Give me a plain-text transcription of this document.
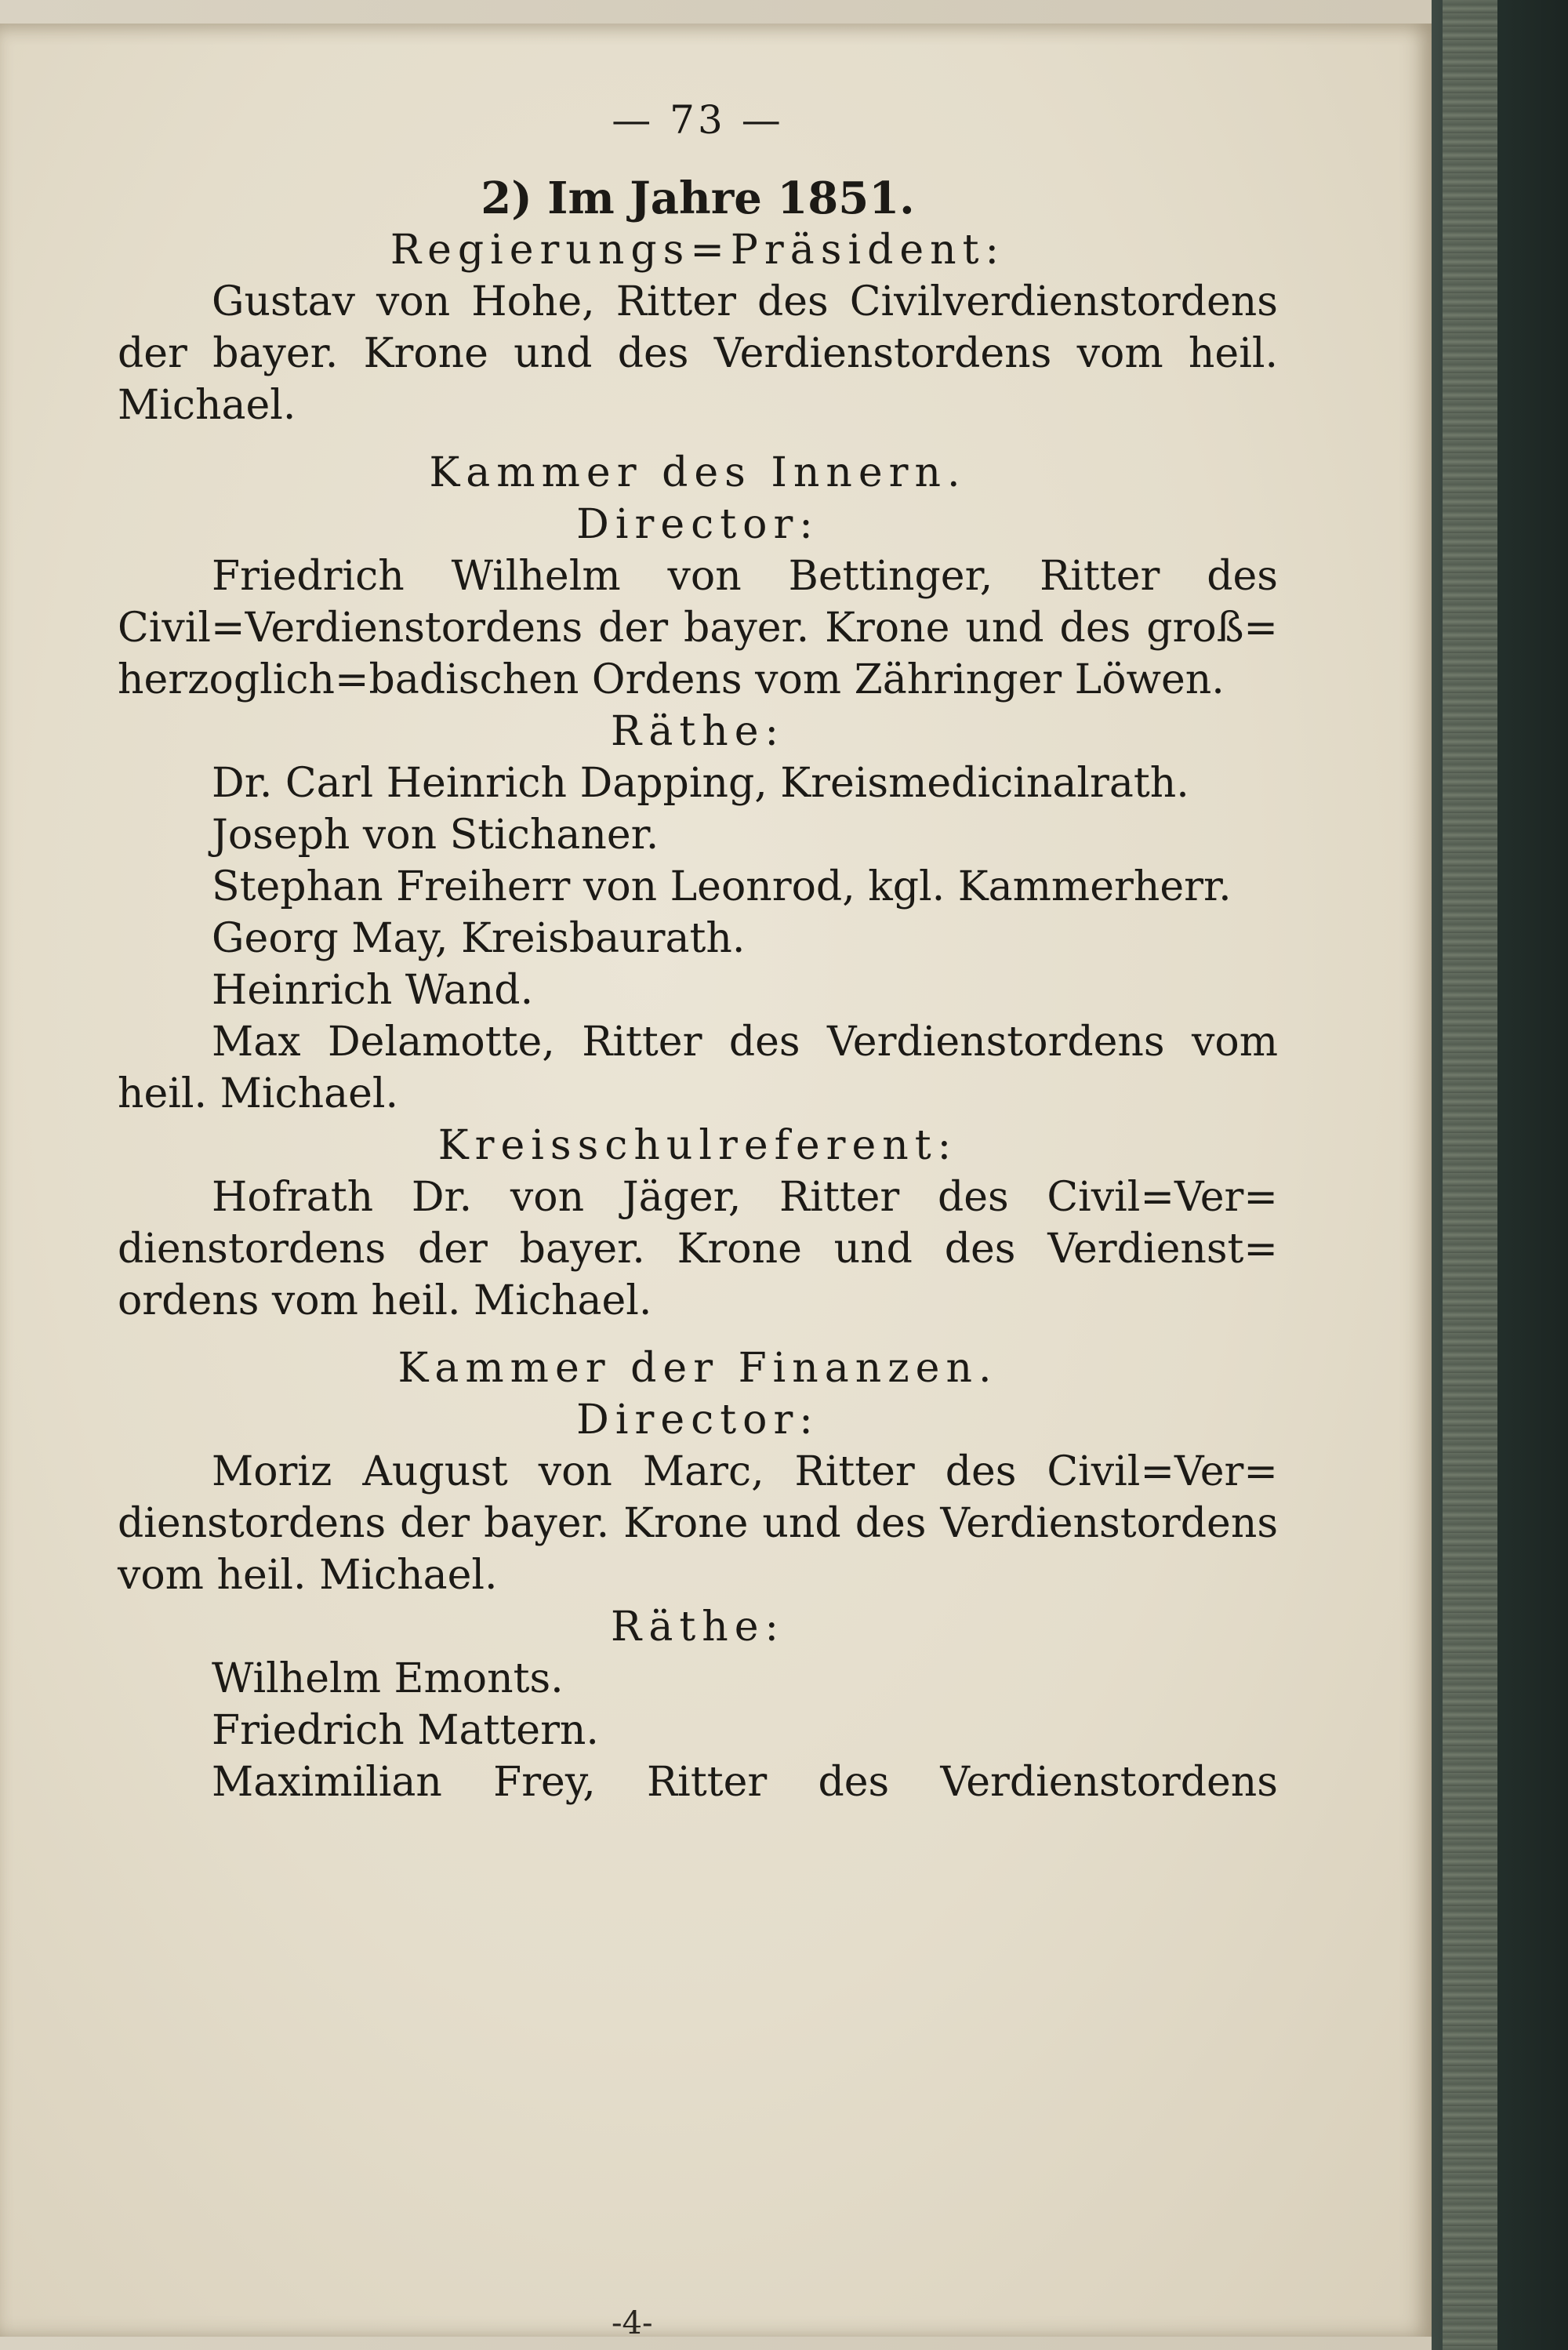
— 73 —
2) Im Jahre 1851.
Regierungs=Präsident:
Gustav von Hohe, Ritter des Civilverdienstordens
der bayer. Krone und des Verdienstordens vom heil.
Michael.
Kammer des Innern.
Director:
Friedrich Wilhelm von Bettinger, Ritter des
Civil=Verdienstordens der bayer. Krone und des groß=
herzoglich=badischen Ordens vom Zähringer Löwen.
Räthe:
Dr. Carl Heinrich Dapping, Kreismedicinalrath.
Joseph von Stichaner.
Stephan Freiherr von Leonrod, kgl. Kammerherr.
Georg May, Kreisbaurath.
Heinrich Wand.
Max Delamotte, Ritter des Verdienstordens vom
heil. Michael.
Kreisschulreferent:
Hofrath Dr. von Jäger, Ritter des Civil=Ver=
dienstordens der bayer. Krone und des Verdienst=
ordens vom heil. Michael.
Kammer der Finanzen.
Director:
Moriz August von Marc, Ritter des Civil=Ver=
dienstordens der bayer. Krone und des Verdienstordens
vom heil. Michael.
Räthe:
Wilhelm Emonts.
Friedrich Mattern.
Maximilian Frey, Ritter des Verdienstordens
-4-
